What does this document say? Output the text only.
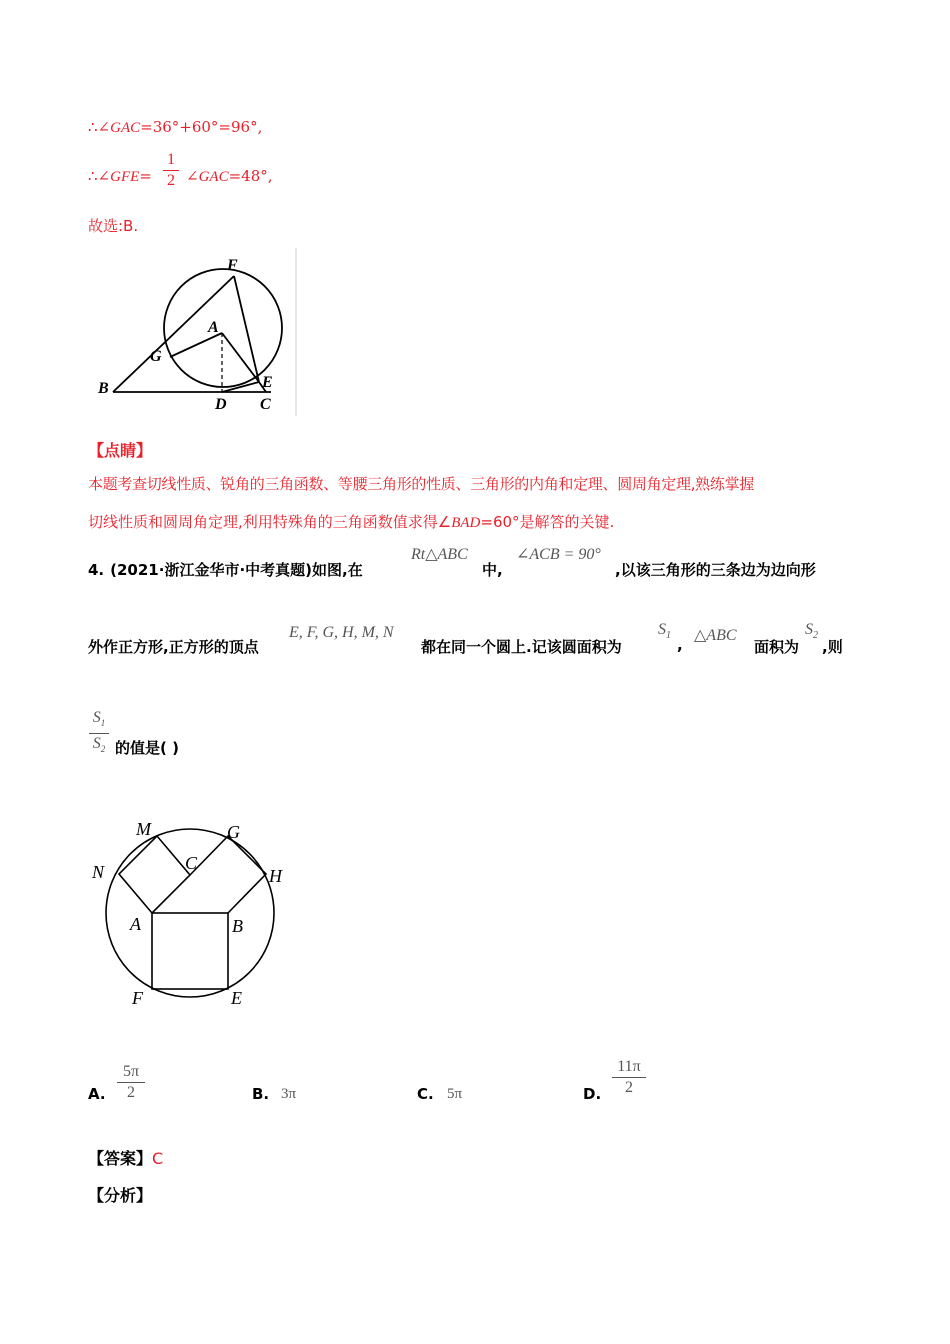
∴∠GAC=36°+60°=96°,
∴∠GFE=
1
2 ∠GAC=48°,
故选:B.
F
A
G
B	E
D C
【点睛】
本题考查切线性质、锐角的三角函数、等腰三角形的性质、三角形的内角和定理、圆周角定理,熟练掌握
切线性质和圆周角定理,利用特殊角的三角函数值求得∠BAD=60°是解答的关键.
4. (2021·浙江金华市·中考真题)如图,在
Rt△ABC
中,
∠ACB = 90°
,以该三角形的三条边为边向形
外作正方形,正方形的顶点
E, F, G, H, M, N
都在同一个圆上.记该圆面积为
$S_1$
,
△ABC
面积为
$S_2$
,则
$S_1$
$S_2$ 的值是( )
M	G
C
N	H
A	B
F	E
A.
5π
2	B. 3π	C. 5π	D.
11π
2
【答案】C
【分析】
